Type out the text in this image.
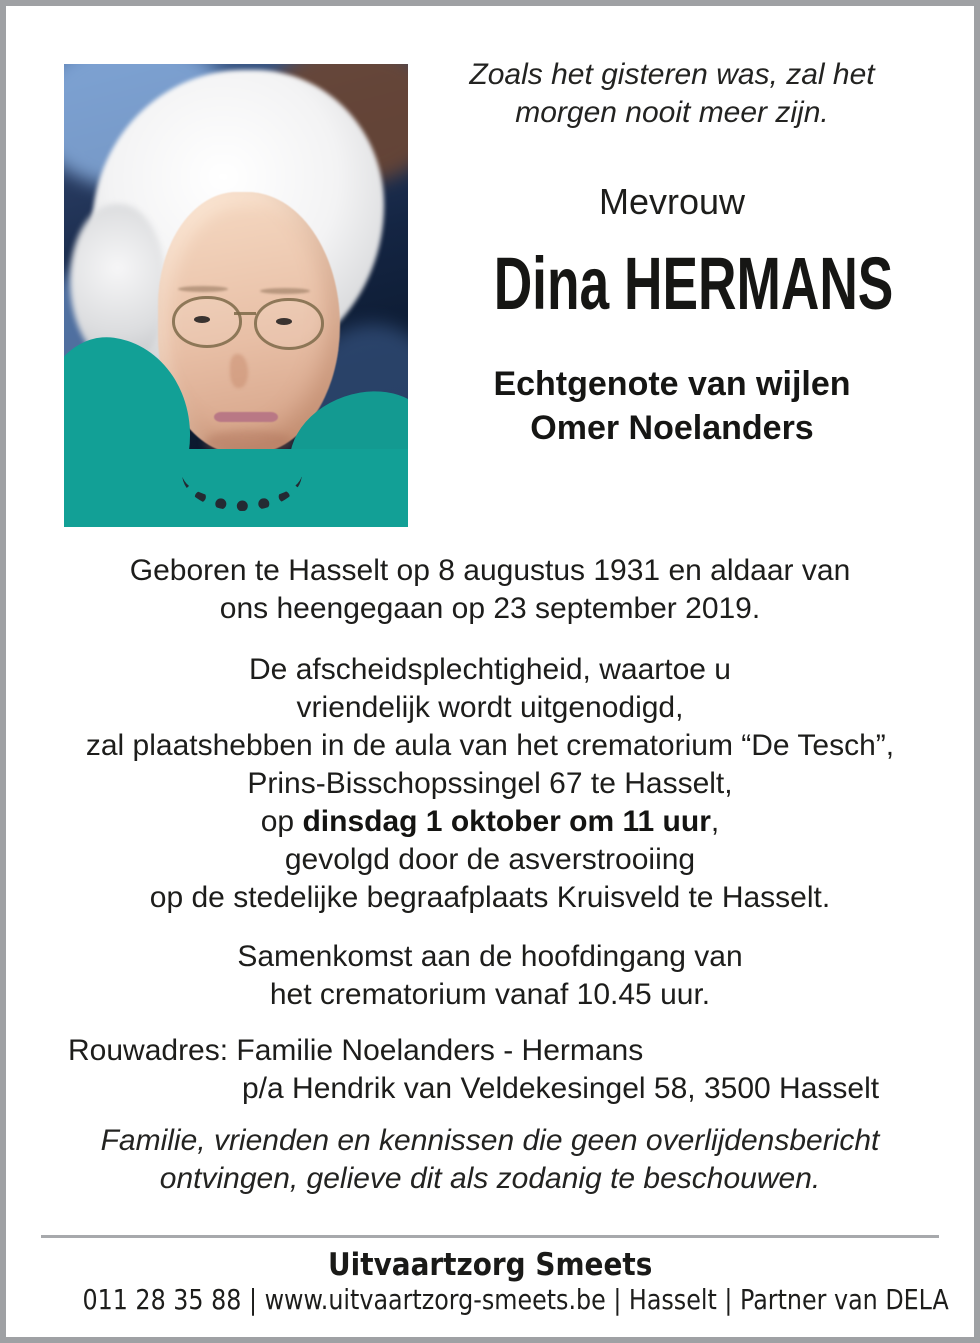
Zoals het gisteren was, zal het
morgen nooit meer zijn.
Mevrouw
Dina HERMANS
Echtgenote van wijlen
Omer Noelanders
Geboren te Hasselt op 8 augustus 1931 en aldaar van
ons heengegaan op 23 september 2019.
De afscheidsplechtigheid, waartoe u
vriendelijk wordt uitgenodigd,
zal plaatshebben in de aula van het crematorium “De Tesch”,
Prins-Bisschopssingel 67 te Hasselt,
op dinsdag 1 oktober om 11 uur,
gevolgd door de asverstrooiing
op de stedelijke begraafplaats Kruisveld te Hasselt.
Samenkomst aan de hoofdingang van
het crematorium vanaf 10.45 uur.
Rouwadres: Familie Noelanders - Hermans
p/a Hendrik van Veldekesingel 58, 3500 Hasselt
Familie, vrienden en kennissen die geen overlijdensbericht
ontvingen, gelieve dit als zodanig te beschouwen.
Uitvaartzorg Smeets
011 28 35 88 | www.uitvaartzorg-smeets.be | Hasselt | Partner van DELA
